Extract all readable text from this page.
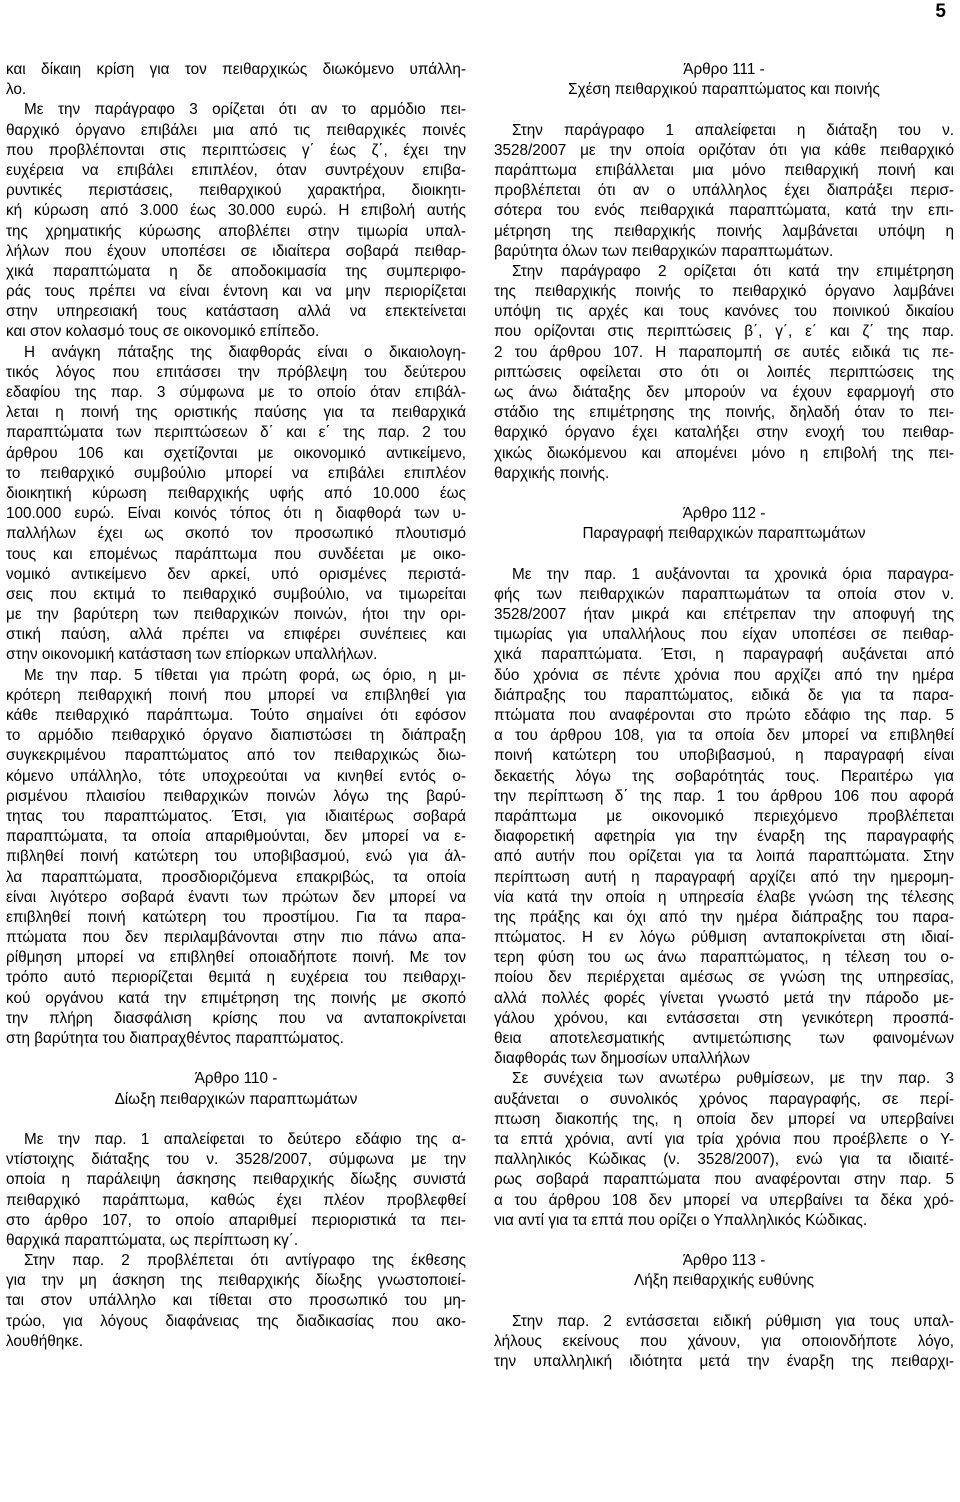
5
και δίκαιη κρίση για τον πειθαρχικώς διωκόμενο υπάλλη-
λο.
Με την παράγραφο 3 ορίζεται ότι αν το αρμόδιο πει-
θαρχικό όργανο επιβάλει μια από τις πειθαρχικές ποινές
που προβλέπονται στις περιπτώσεις γ΄ έως ζ΄, έχει την
ευχέρεια να επιβάλει επιπλέον, όταν συντρέχουν επιβα-
ρυντικές περιστάσεις, πειθαρχικού χαρακτήρα, διοικητι-
κή κύρωση από 3.000 έως 30.000 ευρώ. Η επιβολή αυτής
της χρηματικής κύρωσης αποβλέπει στην τιμωρία υπαλ-
λήλων που έχουν υποπέσει σε ιδιαίτερα σοβαρά πειθαρ-
χικά παραπτώματα η δε αποδοκιμασία της συμπεριφο-
ράς τους πρέπει να είναι έντονη και να μην περιορίζεται
στην υπηρεσιακή τους κατάσταση αλλά να επεκτείνεται
και στον κολασμό τους σε οικονομικό επίπεδο.
Η ανάγκη πάταξης της διαφθοράς είναι ο δικαιολογη-
τικός λόγος που επιτάσσει την πρόβλεψη του δεύτερου
εδαφίου της παρ. 3 σύμφωνα με το οποίο όταν επιβάλ-
λεται η ποινή της οριστικής παύσης για τα πειθαρχικά
παραπτώματα των περιπτώσεων δ΄ και ε΄ της παρ. 2 του
άρθρου 106 και σχετίζονται με οικονομικό αντικείμενο,
το πειθαρχικό συμβούλιο μπορεί να επιβάλει επιπλέον
διοικητική κύρωση πειθαρχικής υφής από 10.000 έως
100.000 ευρώ. Είναι κοινός τόπος ότι η διαφθορά των υ-
παλλήλων έχει ως σκοπό τον προσωπικό πλουτισμό
τους και επομένως παράπτωμα που συνδέεται με οικο-
νομικό αντικείμενο δεν αρκεί, υπό ορισμένες περιστά-
σεις που εκτιμά το πειθαρχικό συμβούλιο, να τιμωρείται
με την βαρύτερη των πειθαρχικών ποινών, ήτοι την ορι-
στική παύση, αλλά πρέπει να επιφέρει συνέπειες και
στην οικονομική κατάσταση των επίορκων υπαλλήλων.
Με την παρ. 5 τίθεται για πρώτη φορά, ως όριο, η μι-
κρότερη πειθαρχική ποινή που μπορεί να επιβληθεί για
κάθε πειθαρχικό παράπτωμα. Τούτο σημαίνει ότι εφόσον
το αρμόδιο πειθαρχικό όργανο διαπιστώσει τη διάπραξη
συγκεκριμένου παραπτώματος από τον πειθαρχικώς διω-
κόμενο υπάλληλο, τότε υποχρεούται να κινηθεί εντός ο-
ρισμένου πλαισίου πειθαρχικών ποινών λόγω της βαρύ-
τητας του παραπτώματος. Έτσι, για ιδιαιτέρως σοβαρά
παραπτώματα, τα οποία απαριθμούνται, δεν μπορεί να ε-
πιβληθεί ποινή κατώτερη του υποβιβασμού, ενώ για άλ-
λα παραπτώματα, προσδιοριζόμενα επακριβώς, τα οποία
είναι λιγότερο σοβαρά έναντι των πρώτων δεν μπορεί να
επιβληθεί ποινή κατώτερη του προστίμου. Για τα παρα-
πτώματα που δεν περιλαμβάνονται στην πιο πάνω απα-
ρίθμηση μπορεί να επιβληθεί οποιαδήποτε ποινή. Με τον
τρόπο αυτό περιορίζεται θεμιτά η ευχέρεια του πειθαρχι-
κού οργάνου κατά την επιμέτρηση της ποινής με σκοπό
την πλήρη διασφάλιση κρίσης που να ανταποκρίνεται
στη βαρύτητα του διαπραχθέντος παραπτώματος.
Άρθρο 110 -
Δίωξη πειθαρχικών παραπτωμάτων
Με την παρ. 1 απαλείφεται το δεύτερο εδάφιο της α-
ντίστοιχης διάταξης του ν. 3528/2007, σύμφωνα με την
οποία η παράλειψη άσκησης πειθαρχικής δίωξης συνιστά
πειθαρχικό παράπτωμα, καθώς έχει πλέον προβλεφθεί
στο άρθρο 107, το οποίο απαριθμεί περιοριστικά τα πει-
θαρχικά παραπτώματα, ως περίπτωση κγ΄.
Στην παρ. 2 προβλέπεται ότι αντίγραφο της έκθεσης
για την μη άσκηση της πειθαρχικής δίωξης γνωστοποιεί-
ται στον υπάλληλο και τίθεται στο προσωπικό του μη-
τρώο, για λόγους διαφάνειας της διαδικασίας που ακο-
λουθήθηκε.
Άρθρο 111 -
Σχέση πειθαρχικού παραπτώματος και ποινής
Στην παράγραφο 1 απαλείφεται η διάταξη του ν.
3528/2007 με την οποία οριζόταν ότι για κάθε πειθαρχικό
παράπτωμα επιβάλλεται μια μόνο πειθαρχική ποινή και
προβλέπεται ότι αν ο υπάλληλος έχει διαπράξει περισ-
σότερα του ενός πειθαρχικά παραπτώματα, κατά την επι-
μέτρηση της πειθαρχικής ποινής λαμβάνεται υπόψη η
βαρύτητα όλων των πειθαρχικών παραπτωμάτων.
Στην παράγραφο 2 ορίζεται ότι κατά την επιμέτρηση
της πειθαρχικής ποινής το πειθαρχικό όργανο λαμβάνει
υπόψη τις αρχές και τους κανόνες του ποινικού δικαίου
που ορίζονται στις περιπτώσεις β΄, γ΄, ε΄ και ζ΄ της παρ.
2 του άρθρου 107. Η παραπομπή σε αυτές ειδικά τις πε-
ριπτώσεις οφείλεται στο ότι οι λοιπές περιπτώσεις της
ως άνω διάταξης δεν μπορούν να έχουν εφαρμογή στο
στάδιο της επιμέτρησης της ποινής, δηλαδή όταν το πει-
θαρχικό όργανο έχει καταλήξει στην ενοχή του πειθαρ-
χικώς διωκόμενου και απομένει μόνο η επιβολή της πει-
θαρχικής ποινής.
Άρθρο 112 -
Παραγραφή πειθαρχικών παραπτωμάτων
Με την παρ. 1 αυξάνονται τα χρονικά όρια παραγρα-
φής των πειθαρχικών παραπτωμάτων τα οποία στον ν.
3528/2007 ήταν μικρά και επέτρεπαν την αποφυγή της
τιμωρίας για υπαλλήλους που είχαν υποπέσει σε πειθαρ-
χικά παραπτώματα. Έτσι, η παραγραφή αυξάνεται από
δύο χρόνια σε πέντε χρόνια που αρχίζει από την ημέρα
διάπραξης του παραπτώματος, ειδικά δε για τα παρα-
πτώματα που αναφέρονται στο πρώτο εδάφιο της παρ. 5
α του άρθρου 108, για τα οποία δεν μπορεί να επιβληθεί
ποινή κατώτερη του υποβιβασμού, η παραγραφή είναι
δεκαετής λόγω της σοβαρότητάς τους. Περαιτέρω για
την περίπτωση δ΄ της παρ. 1 του άρθρου 106 που αφορά
παράπτωμα με οικονομικό περιεχόμενο προβλέπεται
διαφορετική αφετηρία για την έναρξη της παραγραφής
από αυτήν που ορίζεται για τα λοιπά παραπτώματα. Στην
περίπτωση αυτή η παραγραφή αρχίζει από την ημερομη-
νία κατά την οποία η υπηρεσία έλαβε γνώση της τέλεσης
της πράξης και όχι από την ημέρα διάπραξης του παρα-
πτώματος. Η εν λόγω ρύθμιση ανταποκρίνεται στη ιδιαί-
τερη φύση του ως άνω παραπτώματος, η τέλεση του ο-
ποίου δεν περιέρχεται αμέσως σε γνώση της υπηρεσίας,
αλλά πολλές φορές γίνεται γνωστό μετά την πάροδο με-
γάλου χρόνου, και εντάσσεται στη γενικότερη προσπά-
θεια αποτελεσματικής αντιμετώπισης των φαινομένων
διαφθοράς των δημοσίων υπαλλήλων
Σε συνέχεια των ανωτέρω ρυθμίσεων, με την παρ. 3
αυξάνεται ο συνολικός χρόνος παραγραφής, σε περί-
πτωση διακοπής της, η οποία δεν μπορεί να υπερβαίνει
τα επτά χρόνια, αντί για τρία χρόνια που προέβλεπε ο Υ-
παλληλικός Κώδικας (ν. 3528/2007), ενώ για τα ιδιαιτέ-
ρως σοβαρά παραπτώματα που αναφέρονται στην παρ. 5
α του άρθρου 108 δεν μπορεί να υπερβαίνει τα δέκα χρό-
νια αντί για τα επτά που ορίζει ο Υπαλληλικός Κώδικας.
Άρθρο 113 -
Λήξη πειθαρχικής ευθύνης
Στην παρ. 2 εντάσσεται ειδική ρύθμιση για τους υπαλ-
λήλους εκείνους που χάνουν, για οποιονδήποτε λόγο,
την υπαλληλική ιδιότητα μετά την έναρξη της πειθαρχι-
